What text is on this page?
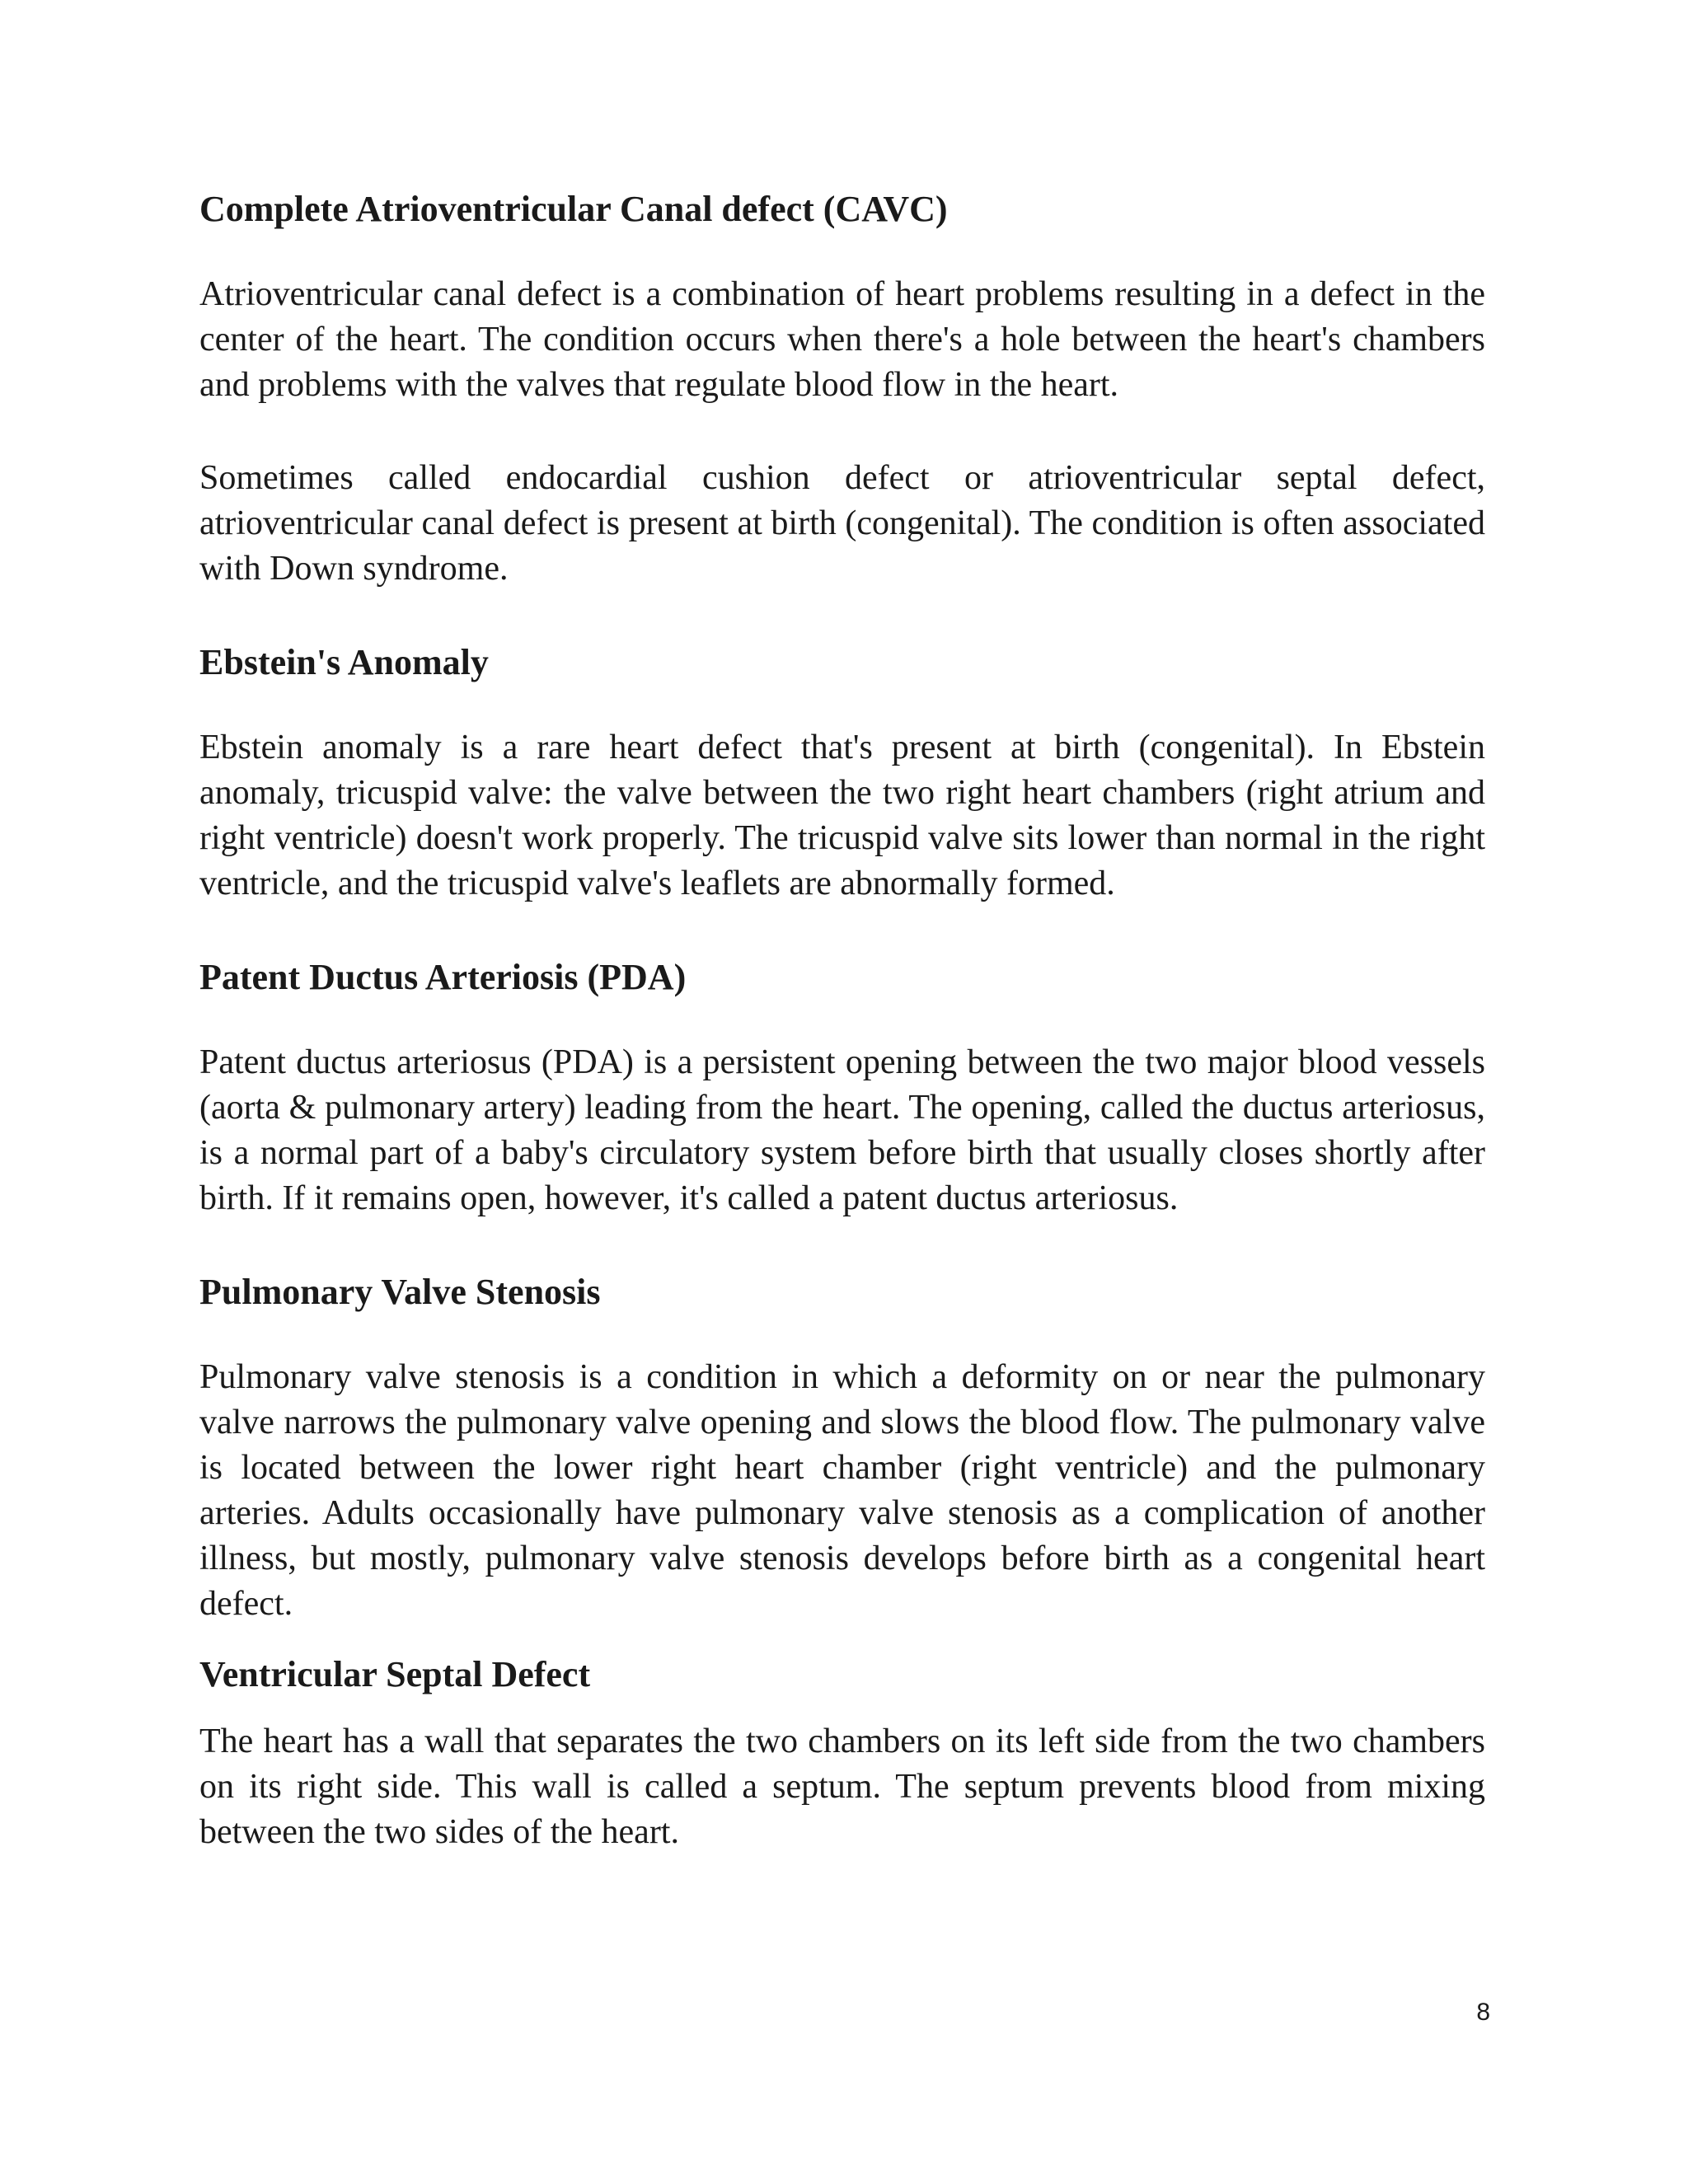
Complete Atrioventricular Canal defect (CAVC)

Atrioventricular canal defect is a combination of heart problems resulting in a defect in the center of the heart. The condition occurs when there's a hole between the heart's chambers and problems with the valves that regulate blood flow in the heart.

Sometimes called endocardial cushion defect or atrioventricular septal defect, atrioventricular canal defect is present at birth (congenital). The condition is often associated with Down syndrome.

Ebstein's Anomaly

Ebstein anomaly is a rare heart defect that's present at birth (congenital). In Ebstein anomaly, tricuspid valve: the valve between the two right heart chambers (right atrium and right ventricle) doesn't work properly. The tricuspid valve sits lower than normal in the right ventricle, and the tricuspid valve's leaflets are abnormally formed.

Patent Ductus Arteriosis (PDA)

Patent ductus arteriosus (PDA) is a persistent opening between the two major blood vessels (aorta & pulmonary artery) leading from the heart. The opening, called the ductus arteriosus, is a normal part of a baby's circulatory system before birth that usually closes shortly after birth. If it remains open, however, it's called a patent ductus arteriosus.

Pulmonary Valve Stenosis

Pulmonary valve stenosis is a condition in which a deformity on or near the pulmonary valve narrows the pulmonary valve opening and slows the blood flow. The pulmonary valve is located between the lower right heart chamber (right ventricle) and the pulmonary arteries. Adults occasionally have pulmonary valve stenosis as a complication of another illness, but mostly, pulmonary valve stenosis develops before birth as a congenital heart defect.

Ventricular Septal Defect

The heart has a wall that separates the two chambers on its left side from the two chambers on its right side. This wall is called a septum. The septum prevents blood from mixing between the two sides of the heart.

8
